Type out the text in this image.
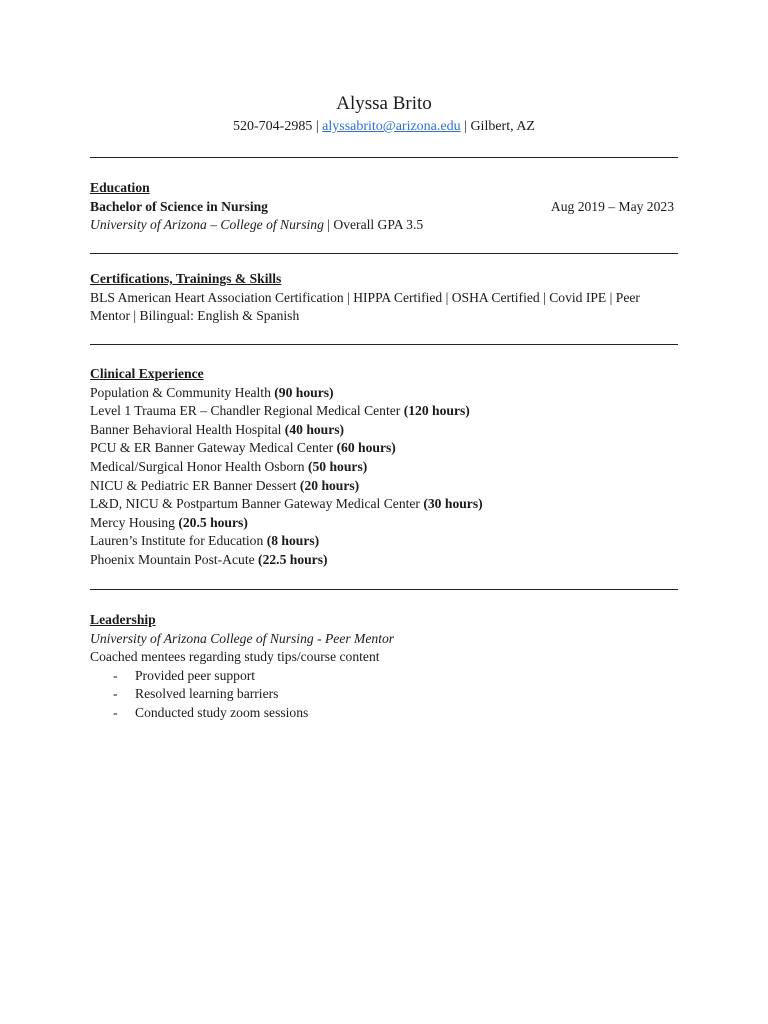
Alyssa Brito
520-704-2985 | alyssabrito@arizona.edu | Gilbert, AZ
Education
Bachelor of Science in Nursing	Aug 2019 – May 2023
University of Arizona – College of Nursing | Overall GPA 3.5
Certifications, Trainings & Skills
BLS American Heart Association Certification | HIPPA Certified | OSHA Certified | Covid IPE | Peer
Mentor | Bilingual: English & Spanish
Clinical Experience
Population & Community Health (90 hours)
Level 1 Trauma ER – Chandler Regional Medical Center (120 hours)
Banner Behavioral Health Hospital (40 hours)
PCU & ER Banner Gateway Medical Center (60 hours)
Medical/Surgical Honor Health Osborn (50 hours)
NICU & Pediatric ER Banner Dessert (20 hours)
L&D, NICU & Postpartum Banner Gateway Medical Center (30 hours)
Mercy Housing (20.5 hours)
Lauren’s Institute for Education (8 hours)
Phoenix Mountain Post-Acute (22.5 hours)
Leadership
University of Arizona College of Nursing - Peer Mentor
Coached mentees regarding study tips/course content
- Provided peer support
- Resolved learning barriers
- Conducted study zoom sessions
